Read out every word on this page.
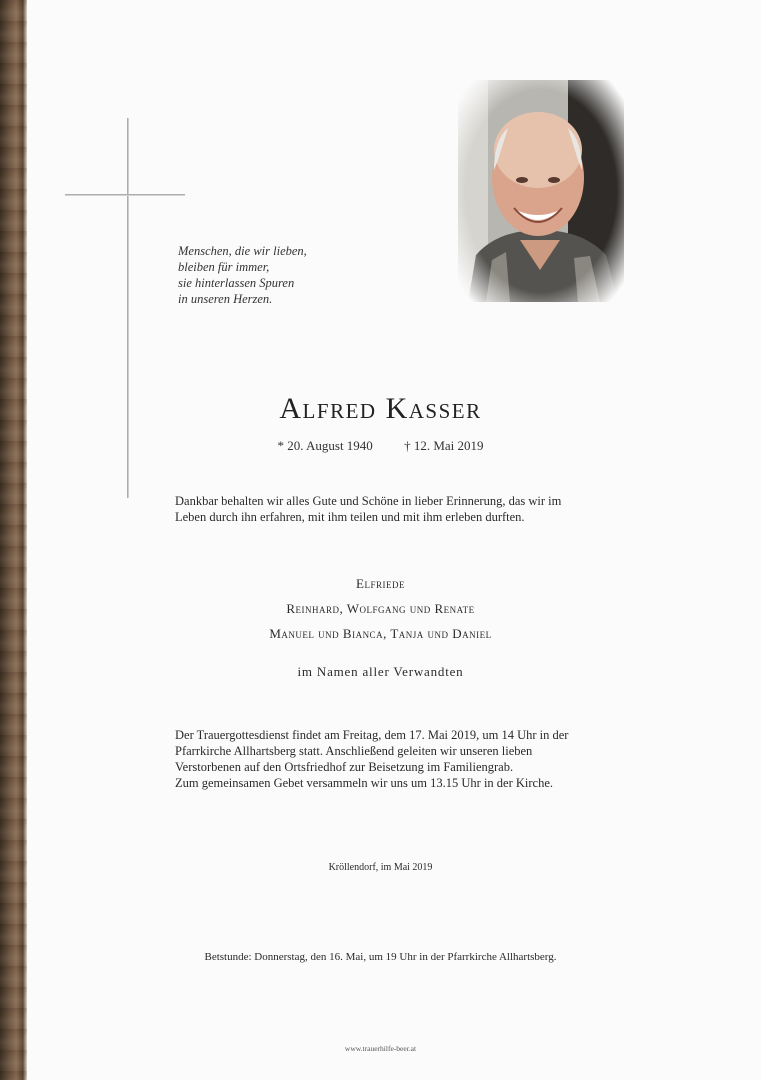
Menschen, die wir lieben,
bleiben für immer,
sie hinterlassen Spuren
in unseren Herzen.
Alfred Kasser
* 20. August 1940 † 12. Mai 2019
Dankbar behalten wir alles Gute und Schöne in lieber Erinnerung, das wir im
Leben durch ihn erfahren, mit ihm teilen und mit ihm erleben durften.
Elfriede
Reinhard, Wolfgang und Renate
Manuel und Bianca, Tanja und Daniel
im Namen aller Verwandten
Der Trauergottesdienst findet am Freitag, dem 17. Mai 2019, um 14 Uhr in der
Pfarrkirche Allhartsberg statt. Anschließend geleiten wir unseren lieben
Verstorbenen auf den Ortsfriedhof zur Beisetzung im Familiengrab.
Zum gemeinsamen Gebet versammeln wir uns um 13.15 Uhr in der Kirche.
Kröllendorf, im Mai 2019
Betstunde: Donnerstag, den 16. Mai, um 19 Uhr in der Pfarrkirche Allhartsberg.
www.trauerhilfe-beer.at
